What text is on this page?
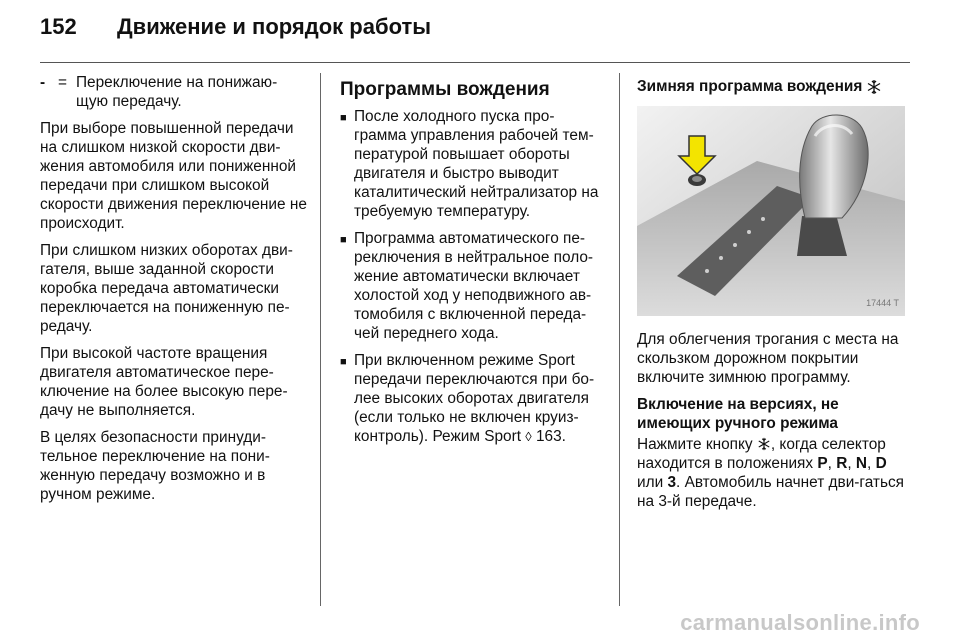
152 Движение и порядок работы
- = Переключение на понижаю-щую передачу.

При выборе повышенной передачи на слишком низкой скорости дви-жения автомобиля или пониженной передачи при слишком высокой скорости движения переключение не происходит.

При слишком низких оборотах дви-гателя, выше заданной скорости коробка передача автоматически переключается на пониженную пе-редачу.

При высокой частоте вращения двигателя автоматическое пере-ключение на более высокую пере-дачу не выполняется.

В целях безопасности принуди-тельное переключение на пони-женную передачу возможно и в ручном режиме.

Программы вождения
■ После холодного пуска про-грамма управления рабочей тем-пературой повышает обороты двигателя и быстро выводит каталитический нейтрализатор на требуемую температуру.
■ Программа автоматического пе-реключения в нейтральное поло-жение автоматически включает холостой ход у неподвижного ав-томобиля с включенной переда-чей переднего хода.
■ При включенном режиме Sport передачи переключаются при бо-лее высоких оборотах двигателя (если только не включен круиз-контроль). Режим Sport ◊ 163.
Зимняя программа вождения
17444 T

Для облегчения трогания с места на скользком дорожном покрытии включите зимнюю программу.

Включение на версиях, не имеющих ручного режима

Нажмите кнопку , когда селектор находится в положениях P, R, N, D или 3. Автомобиль начнет дви-гаться на 3-й передаче.

carmanualsonline.info
